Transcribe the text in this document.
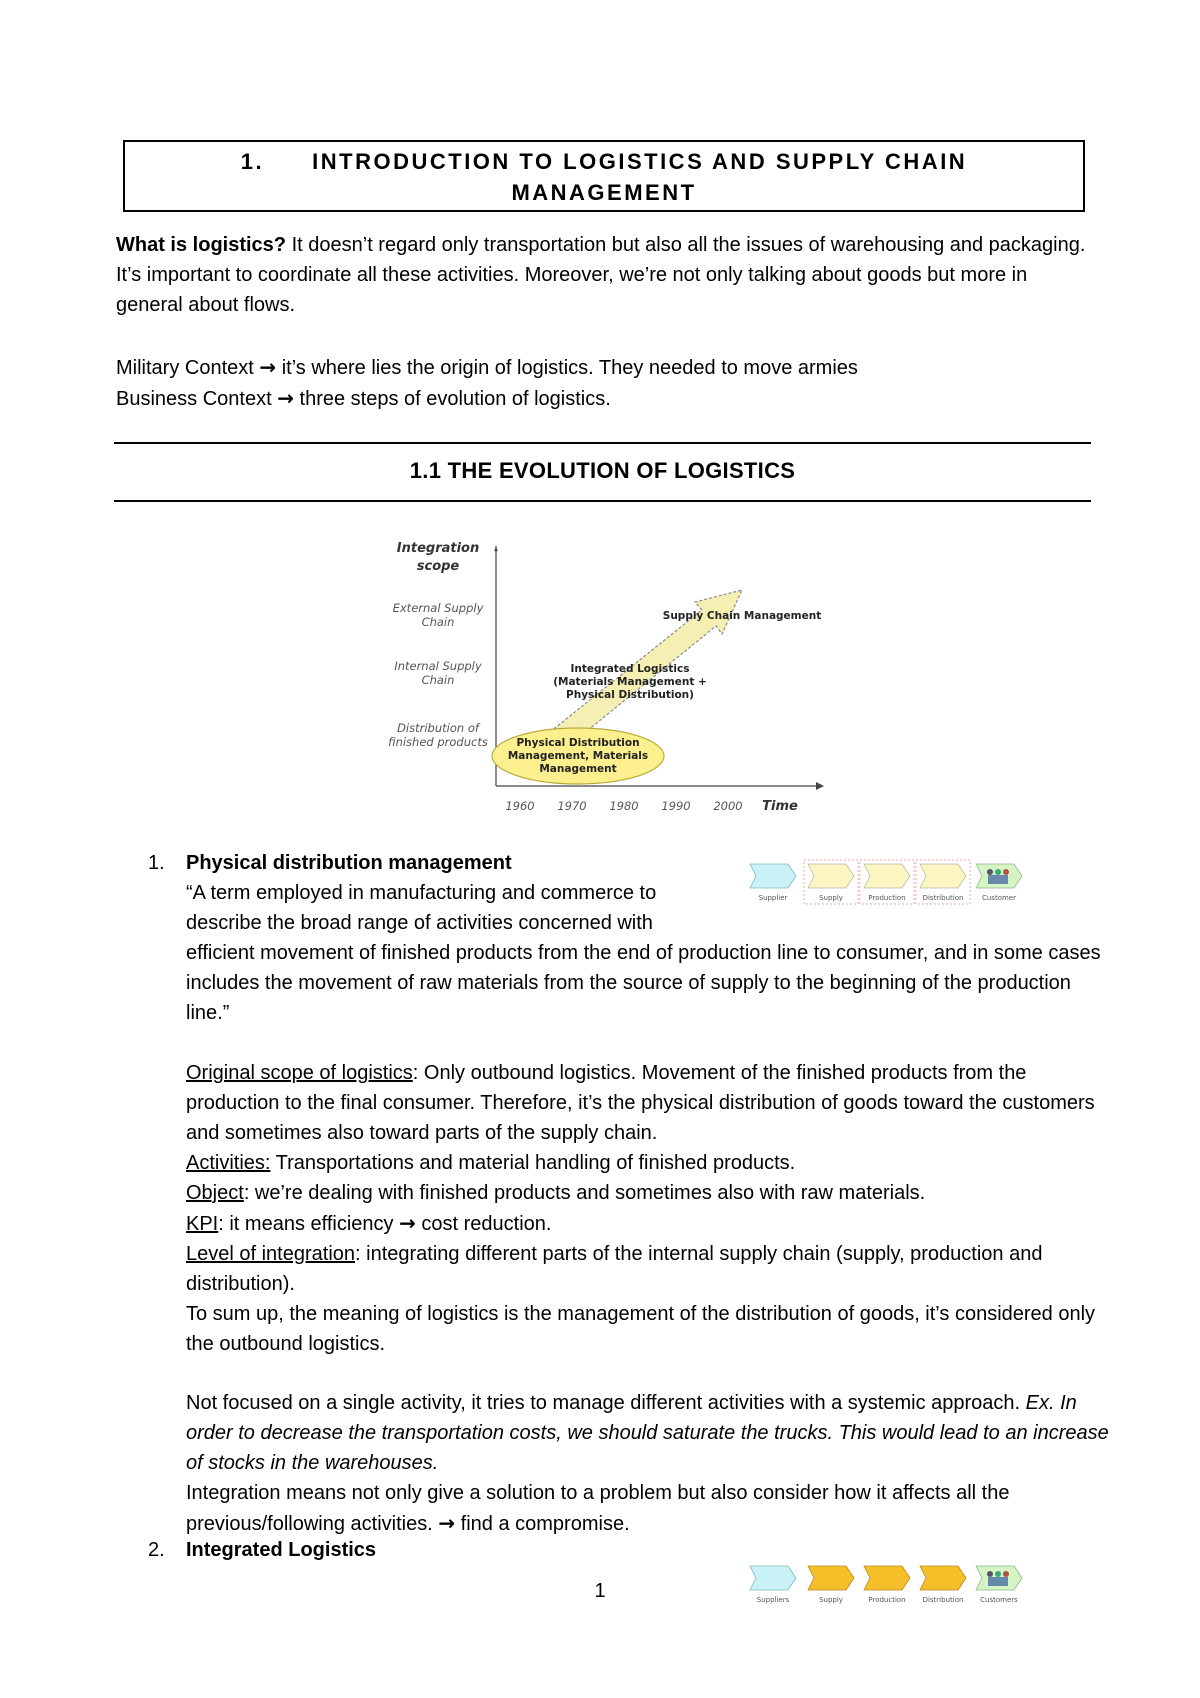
1. INTRODUCTION TO LOGISTICS AND SUPPLY CHAIN
MANAGEMENT

What is logistics? It doesn’t regard only transportation but also all the issues of warehousing and packaging. It’s important to coordinate all these activities. Moreover, we’re not only talking about goods but more in general about flows.

Military Context → it’s where lies the origin of logistics. They needed to move armies
Business Context → three steps of evolution of logistics.

1.1 THE EVOLUTION OF LOGISTICS
Integration
scope
External Supply
Chain
Internal Supply
Chain
Distribution of
finished products	Physical Distribution
Management, Materials
Management
Integrated Logistics
(Materials Management +
Physical Distribution)
Supply Chain Management
1960 1970 1980 1990 2000 Time
1.	Physical distribution management
“A term employed in manufacturing and commerce to
describe the broad range of activities concerned with
efficient movement of finished products from the end of production line to consumer, and in some cases includes the movement of raw materials from the source of supply to the beginning of the production line.”
Original scope of logistics: Only outbound logistics. Movement of the finished products from the production to the final consumer. Therefore, it’s the physical distribution of goods toward the customers and sometimes also toward parts of the supply chain.
Activities: Transportations and material handling of finished products.
Object: we’re dealing with finished products and sometimes also with raw materials.
KPI: it means efficiency → cost reduction.
Level of integration: integrating different parts of the internal supply chain (supply, production and distribution).
To sum up, the meaning of logistics is the management of the distribution of goods, it’s considered only the outbound logistics.
Not focused on a single activity, it tries to manage different activities with a systemic approach. Ex. In order to decrease the transportation costs, we should saturate the trucks. This would lead to an increase of stocks in the warehouses.
Integration means not only give a solution to a problem but also consider how it affects all the previous/following activities. → find a compromise.
2.	Integrated Logistics
Supplier	Supply	Production Distribution	Customer
Suppliers	Supply	Production Distribution Customers
1
